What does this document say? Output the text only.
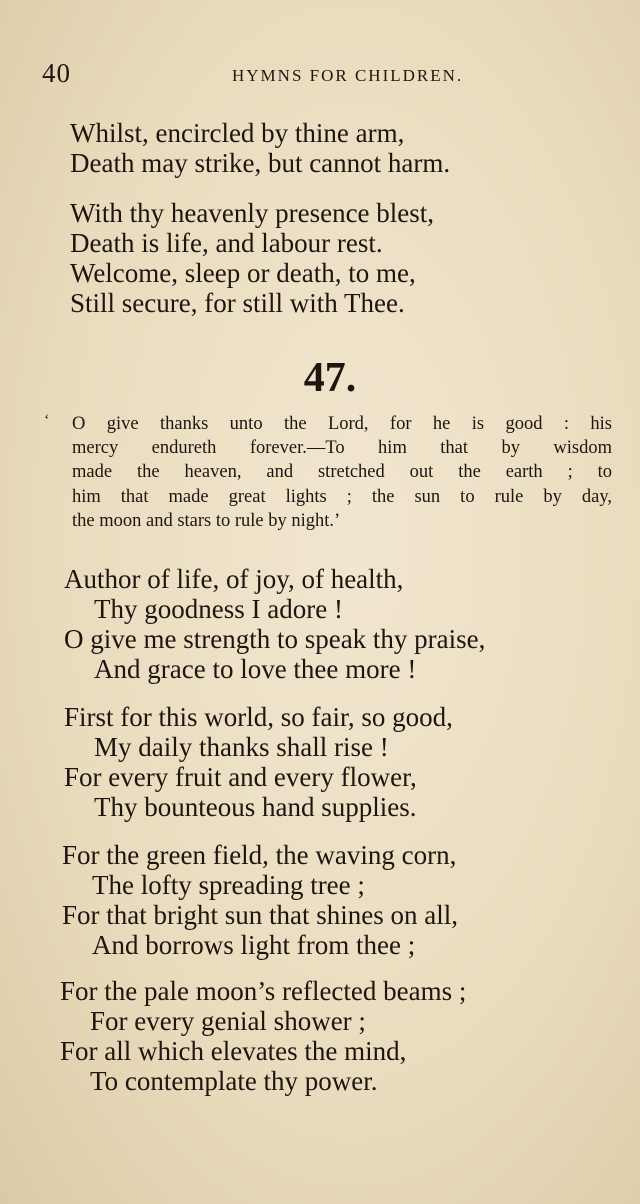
40	HYMNS FOR CHILDREN.
Whilst, encircled by thine arm,
Death may strike, but cannot harm.
With thy heavenly presence blest,
Death is life, and labour rest.
Welcome, sleep or death, to me,
Still secure, for still with Thee.
47.
‘ O give thanks unto the Lord, for he is good : his
mercy endureth forever.—To him that by wisdom
made the heaven, and stretched out the earth ; to
him that made great lights ; the sun to rule by day,
the moon and stars to rule by night.’
Author of life, of joy, of health,
Thy goodness I adore !
O give me strength to speak thy praise,
And grace to love thee more !
First for this world, so fair, so good,
My daily thanks shall rise !
For every fruit and every flower,
Thy bounteous hand supplies.
For the green field, the waving corn,
The lofty spreading tree ;
For that bright sun that shines on all,
And borrows light from thee ;
For the pale moon’s reflected beams ;
For every genial shower ;
For all which elevates the mind,
To contemplate thy power.
